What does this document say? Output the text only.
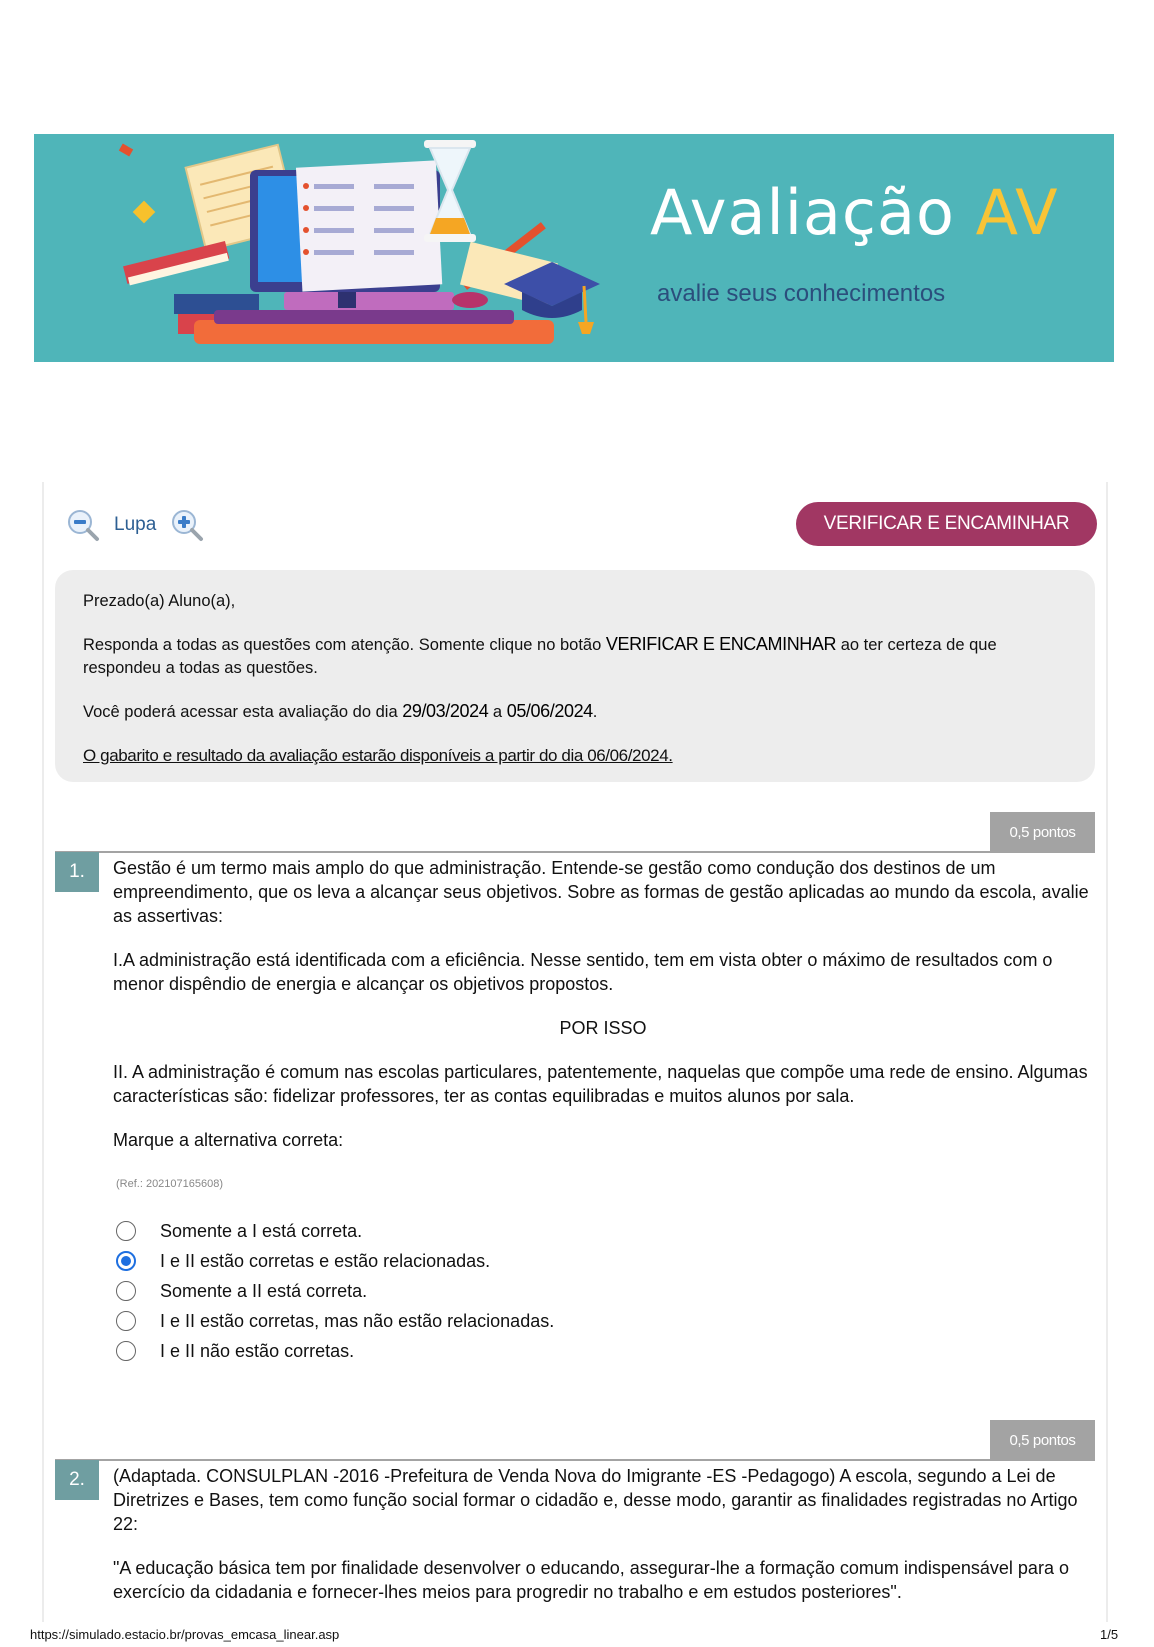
Avaliação AV
avalie seus conhecimentos
Lupa	VERIFICAR E ENCAMINHAR

Prezado(a) Aluno(a),

Responda a todas as questões com atenção. Somente clique no botão VERIFICAR E ENCAMINHAR ao ter certeza de que respondeu a todas as questões.

Você poderá acessar esta avaliação do dia 29/03/2024 a 05/06/2024.

O gabarito e resultado da avaliação estarão disponíveis a partir do dia 06/06/2024.

0,5 pontos
1.	Gestão é um termo mais amplo do que administração. Entende-se gestão como condução dos destinos de um empreendimento, que os leva a alcançar seus objetivos. Sobre as formas de gestão aplicadas ao mundo da escola, avalie as assertivas:

I.A administração está identificada com a eficiência. Nesse sentido, tem em vista obter o máximo de resultados com o menor dispêndio de energia e alcançar os objetivos propostos.

POR ISSO

II. A administração é comum nas escolas particulares, patentemente, naquelas que compõe uma rede de ensino. Algumas características são: fidelizar professores, ter as contas equilibradas e muitos alunos por sala.

Marque a alternativa correta:

(Ref.: 202107165608)

Somente a I está correta.
I e II estão corretas e estão relacionadas.
Somente a II está correta.
I e II estão corretas, mas não estão relacionadas.
I e II não estão corretas.
0,5 pontos
2.	(Adaptada. CONSULPLAN -2016 -Prefeitura de Venda Nova do Imigrante -ES -Pedagogo) A escola, segundo a Lei de Diretrizes e Bases, tem como função social formar o cidadão e, desse modo, garantir as finalidades registradas no Artigo 22:

"A educação básica tem por finalidade desenvolver o educando, assegurar-lhe a formação comum indispensável para o exercício da cidadania e fornecer-lhes meios para progredir no trabalho e em estudos posteriores".

https://simulado.estacio.br/provas_emcasa_linear.asp	1/5
